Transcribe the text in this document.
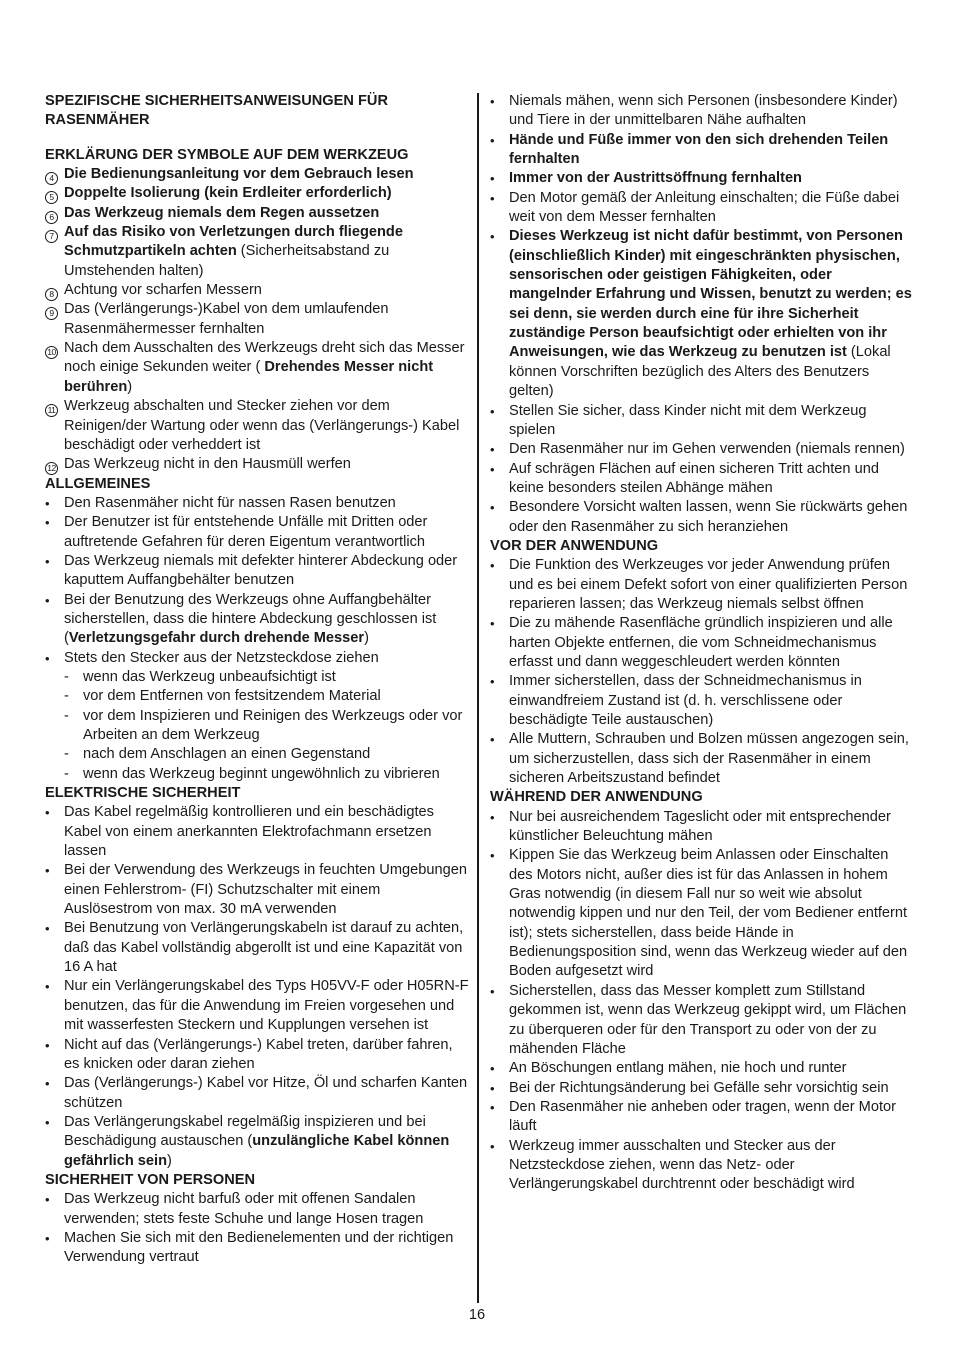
SPEZIFISCHE SICHERHEITSANWEISUNGEN FÜR RASENMÄHER
ERKLÄRUNG DER SYMBOLE AUF DEM WERKZEUG
4 Die Bedienungsanleitung vor dem Gebrauch lesen
5 Doppelte Isolierung (kein Erdleiter erforderlich)
6 Das Werkzeug niemals dem Regen aussetzen
7 Auf das Risiko von Verletzungen durch fliegende Schmutzpartikeln achten (Sicherheitsabstand zu Umstehenden halten)
8 Achtung vor scharfen Messern
9 Das (Verlängerungs-)Kabel von dem umlaufenden Rasenmähermesser fernhalten
10 Nach dem Ausschalten des Werkzeugs dreht sich das Messer noch einige Sekunden weiter ( Drehendes Messer nicht berühren)
11 Werkzeug abschalten und Stecker ziehen vor dem Reinigen/der Wartung oder wenn das (Verlängerungs-) Kabel beschädigt oder verheddert ist
12 Das Werkzeug nicht in den Hausmüll werfen
ALLGEMEINES
• Den Rasenmäher nicht für nassen Rasen benutzen
• Der Benutzer ist für entstehende Unfälle mit Dritten oder auftretende Gefahren für deren Eigentum verantwortlich
• Das Werkzeug niemals mit defekter hinterer Abdeckung oder kaputtem Auffangbehälter benutzen
• Bei der Benutzung des Werkzeugs ohne Auffangbehälter sicherstellen, dass die hintere Abdeckung geschlossen ist (Verletzungsgefahr durch drehende Messer)
• Stets den Stecker aus der Netzsteckdose ziehen
- wenn das Werkzeug unbeaufsichtigt ist
- vor dem Entfernen von festsitzendem Material
- vor dem Inspizieren und Reinigen des Werkzeugs oder vor Arbeiten an dem Werkzeug
- nach dem Anschlagen an einen Gegenstand
- wenn das Werkzeug beginnt ungewöhnlich zu vibrieren
ELEKTRISCHE SICHERHEIT
• Das Kabel regelmäßig kontrollieren und ein beschädigtes Kabel von einem anerkannten Elektrofachmann ersetzen lassen
• Bei der Verwendung des Werkzeugs in feuchten Umgebungen einen Fehlerstrom- (FI) Schutzschalter mit einem Auslösestrom von max. 30 mA verwenden
• Bei Benutzung von Verlängerungskabeln ist darauf zu achten, daß das Kabel vollständig abgerollt ist und eine Kapazität von 16 A hat
• Nur ein Verlängerungskabel des Typs H05VV-F oder H05RN-F benutzen, das für die Anwendung im Freien vorgesehen und mit wasserfesten Steckern und Kupplungen versehen ist
• Nicht auf das (Verlängerungs-) Kabel treten, darüber fahren, es knicken oder daran ziehen
• Das (Verlängerungs-) Kabel vor Hitze, Öl und scharfen Kanten schützen
• Das Verlängerungskabel regelmäßig inspizieren und bei Beschädigung austauschen (unzulängliche Kabel können gefährlich sein)
SICHERHEIT VON PERSONEN
• Das Werkzeug nicht barfuß oder mit offenen Sandalen verwenden; stets feste Schuhe und lange Hosen tragen
• Machen Sie sich mit den Bedienelementen und der richtigen Verwendung vertraut
• Niemals mähen, wenn sich Personen (insbesondere Kinder) und Tiere in der unmittelbaren Nähe aufhalten
• Hände und Füße immer von den sich drehenden Teilen fernhalten
• Immer von der Austrittsöffnung fernhalten
• Den Motor gemäß der Anleitung einschalten; die Füße dabei weit von dem Messer fernhalten
• Dieses Werkzeug ist nicht dafür bestimmt, von Personen (einschließlich Kinder) mit eingeschränkten physischen, sensorischen oder geistigen Fähigkeiten, oder mangelnder Erfahrung und Wissen, benutzt zu werden; es sei denn, sie werden durch eine für ihre Sicherheit zuständige Person beaufsichtigt oder erhielten von ihr Anweisungen, wie das Werkzeug zu benutzen ist (Lokal können Vorschriften bezüglich des Alters des Benutzers gelten)
• Stellen Sie sicher, dass Kinder nicht mit dem Werkzeug spielen
• Den Rasenmäher nur im Gehen verwenden (niemals rennen)
• Auf schrägen Flächen auf einen sicheren Tritt achten und keine besonders steilen Abhänge mähen
• Besondere Vorsicht walten lassen, wenn Sie rückwärts gehen oder den Rasenmäher zu sich heranziehen
VOR DER ANWENDUNG
• Die Funktion des Werkzeuges vor jeder Anwendung prüfen und es bei einem Defekt sofort von einer qualifizierten Person reparieren lassen; das Werkzeug niemals selbst öffnen
• Die zu mähende Rasenfläche gründlich inspizieren und alle harten Objekte entfernen, die vom Schneidmechanismus erfasst und dann weggeschleudert werden könnten
• Immer sicherstellen, dass der Schneidmechanismus in einwandfreiem Zustand ist (d. h. verschlissene oder beschädigte Teile austauschen)
• Alle Muttern, Schrauben und Bolzen müssen angezogen sein, um sicherzustellen, dass sich der Rasenmäher in einem sicheren Arbeitszustand befindet
WÄHREND DER ANWENDUNG
• Nur bei ausreichendem Tageslicht oder mit entsprechender künstlicher Beleuchtung mähen
• Kippen Sie das Werkzeug beim Anlassen oder Einschalten des Motors nicht, außer dies ist für das Anlassen in hohem Gras notwendig (in diesem Fall nur so weit wie absolut notwendig kippen und nur den Teil, der vom Bediener entfernt ist); stets sicherstellen, dass beide Hände in Bedienungsposition sind, wenn das Werkzeug wieder auf den Boden aufgesetzt wird
• Sicherstellen, dass das Messer komplett zum Stillstand gekommen ist, wenn das Werkzeug gekippt wird, um Flächen zu überqueren oder für den Transport zu oder von der zu mähenden Fläche
• An Böschungen entlang mähen, nie hoch und runter
• Bei der Richtungsänderung bei Gefälle sehr vorsichtig sein
• Den Rasenmäher nie anheben oder tragen, wenn der Motor läuft
• Werkzeug immer ausschalten und Stecker aus der Netzsteckdose ziehen, wenn das Netz- oder Verlängerungskabel durchtrennt oder beschädigt wird
16
